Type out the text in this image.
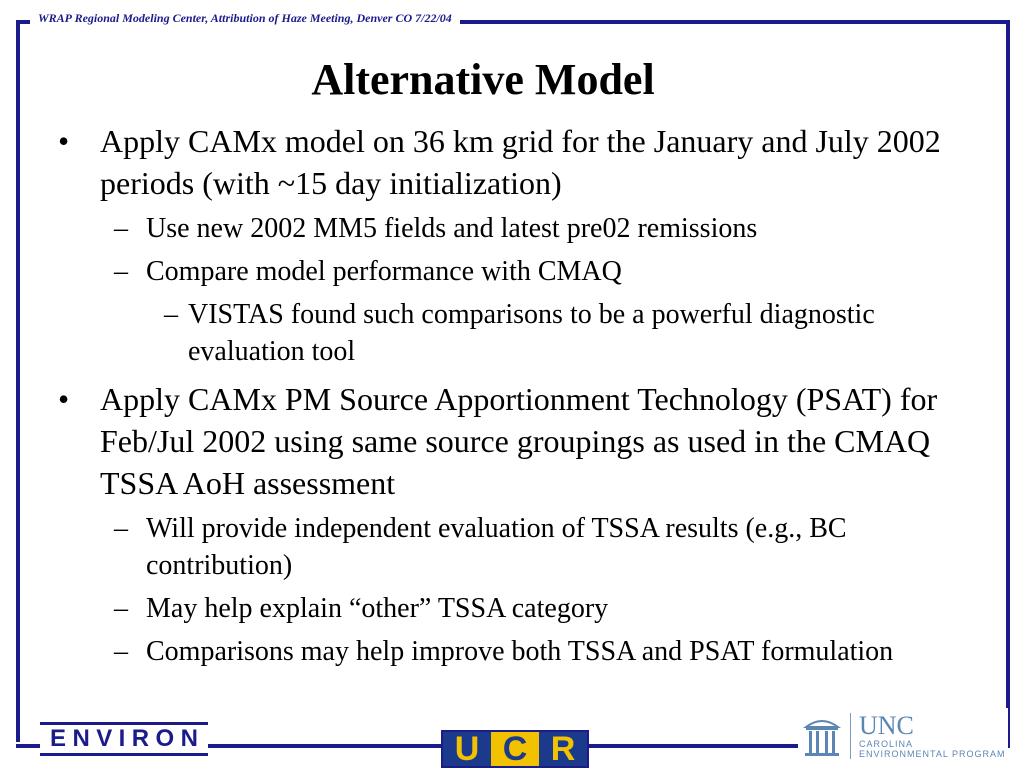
WRAP Regional Modeling Center, Attribution of Haze Meeting, Denver CO 7/22/04
Alternative Model
• Apply CAMx model on 36 km grid for the January and July 2002 periods (with ~15 day initialization)
– Use new 2002 MM5 fields and latest pre02 remissions
– Compare model performance with CMAQ
– VISTAS found such comparisons to be a powerful diagnostic evaluation tool
• Apply CAMx PM Source Apportionment Technology (PSAT) for Feb/Jul 2002 using same source groupings as used in the CMAQ TSSA AoH assessment
– Will provide independent evaluation of TSSA results (e.g., BC contribution)
– May help explain “other” TSSA category
– Comparisons may help improve both TSSA and PSAT formulation
E N V I R O N	U C R
UNC
CAROLINA
ENVIRONMENTAL PROGRAM
